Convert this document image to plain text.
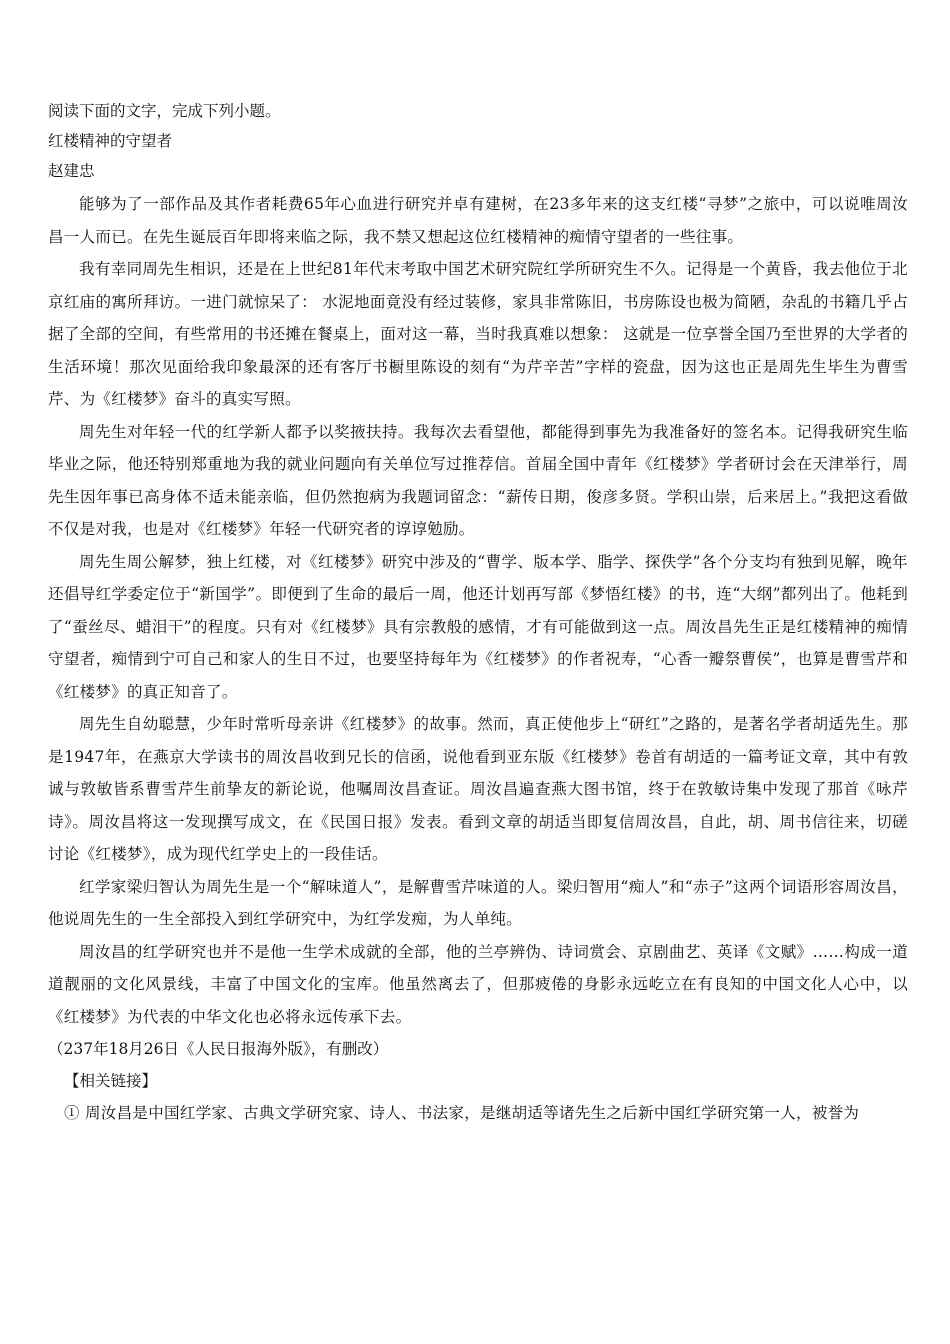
阅读下面的文字，完成下列小题。

红楼精神的守望者

赵建忠

能够为了一部作品及其作者耗费65年心血进行研究并卓有建树，在23多年来的这支红楼“寻梦”之旅中，可以说唯周汝昌一人而已。在先生诞辰百年即将来临之际，我不禁又想起这位红楼精神的痴情守望者的一些往事。

我有幸同周先生相识，还是在上世纪81年代末考取中国艺术研究院红学所研究生不久。记得是一个黄昏，我去他位于北京红庙的寓所拜访。一进门就惊呆了： 水泥地面竟没有经过装修，家具非常陈旧，书房陈设也极为简陋，杂乱的书籍几乎占据了全部的空间，有些常用的书还摊在餐桌上，面对这一幕，当时我真难以想象： 这就是一位享誉全国乃至世界的大学者的生活环境！那次见面给我印象最深的还有客厅书橱里陈设的刻有“为芹辛苦”字样的瓷盘，因为这也正是周先生毕生为曹雪芹、为《红楼梦》奋斗的真实写照。

周先生对年轻一代的红学新人都予以奖掖扶持。我每次去看望他，都能得到事先为我准备好的签名本。记得我研究生临毕业之际，他还特别郑重地为我的就业问题向有关单位写过推荐信。首届全国中青年《红楼梦》学者研讨会在天津举行，周先生因年事已高身体不适未能亲临，但仍然抱病为我题词留念：“薪传日期，俊彦多贤。学积山崇，后来居上。”我把这看做不仅是对我，也是对《红楼梦》年轻一代研究者的谆谆勉励。

周先生周公解梦，独上红楼，对《红楼梦》研究中涉及的“曹学、版本学、脂学、探佚学”各个分支均有独到见解，晚年还倡导红学委定位于“新国学”。即便到了生命的最后一周，他还计划再写部《梦悟红楼》的书，连“大纲”都列出了。他耗到了“蚕丝尽、蜡泪干”的程度。只有对《红楼梦》具有宗教般的感情，才有可能做到这一点。周汝昌先生正是红楼精神的痴情守望者，痴情到宁可自己和家人的生日不过，也要坚持每年为《红楼梦》的作者祝寿，“心香一瓣祭曹侯”，也算是曹雪芹和《红楼梦》的真正知音了。

周先生自幼聪慧，少年时常听母亲讲《红楼梦》的故事。然而，真正使他步上“研红”之路的，是著名学者胡适先生。那是1947年，在燕京大学读书的周汝昌收到兄长的信函，说他看到亚东版《红楼梦》卷首有胡适的一篇考证文章，其中有敦诚与敦敏皆系曹雪芹生前挚友的新论说，他嘱周汝昌查证。周汝昌遍查燕大图书馆，终于在敦敏诗集中发现了那首《咏芹诗》。周汝昌将这一发现撰写成文，在《民国日报》发表。看到文章的胡适当即复信周汝昌，自此，胡、周书信往来，切磋讨论《红楼梦》，成为现代红学史上的一段佳话。

红学家梁归智认为周先生是一个“解味道人”，是解曹雪芹味道的人。梁归智用“痴人”和“赤子”这两个词语形容周汝昌，他说周先生的一生全部投入到红学研究中，为红学发痴，为人单纯。

周汝昌的红学研究也并不是他一生学术成就的全部，他的兰亭辨伪、诗词赏会、京剧曲艺、英译《文赋》……构成一道道靓丽的文化风景线，丰富了中国文化的宝库。他虽然离去了，但那疲倦的身影永远屹立在有良知的中国文化人心中，以《红楼梦》为代表的中华文化也必将永远传承下去。

（237年18月26日《人民日报海外版》，有删改）

【相关链接】

① 周汝昌是中国红学家、古典文学研究家、诗人、书法家，是继胡适等诸先生之后新中国红学研究第一人，被誉为
